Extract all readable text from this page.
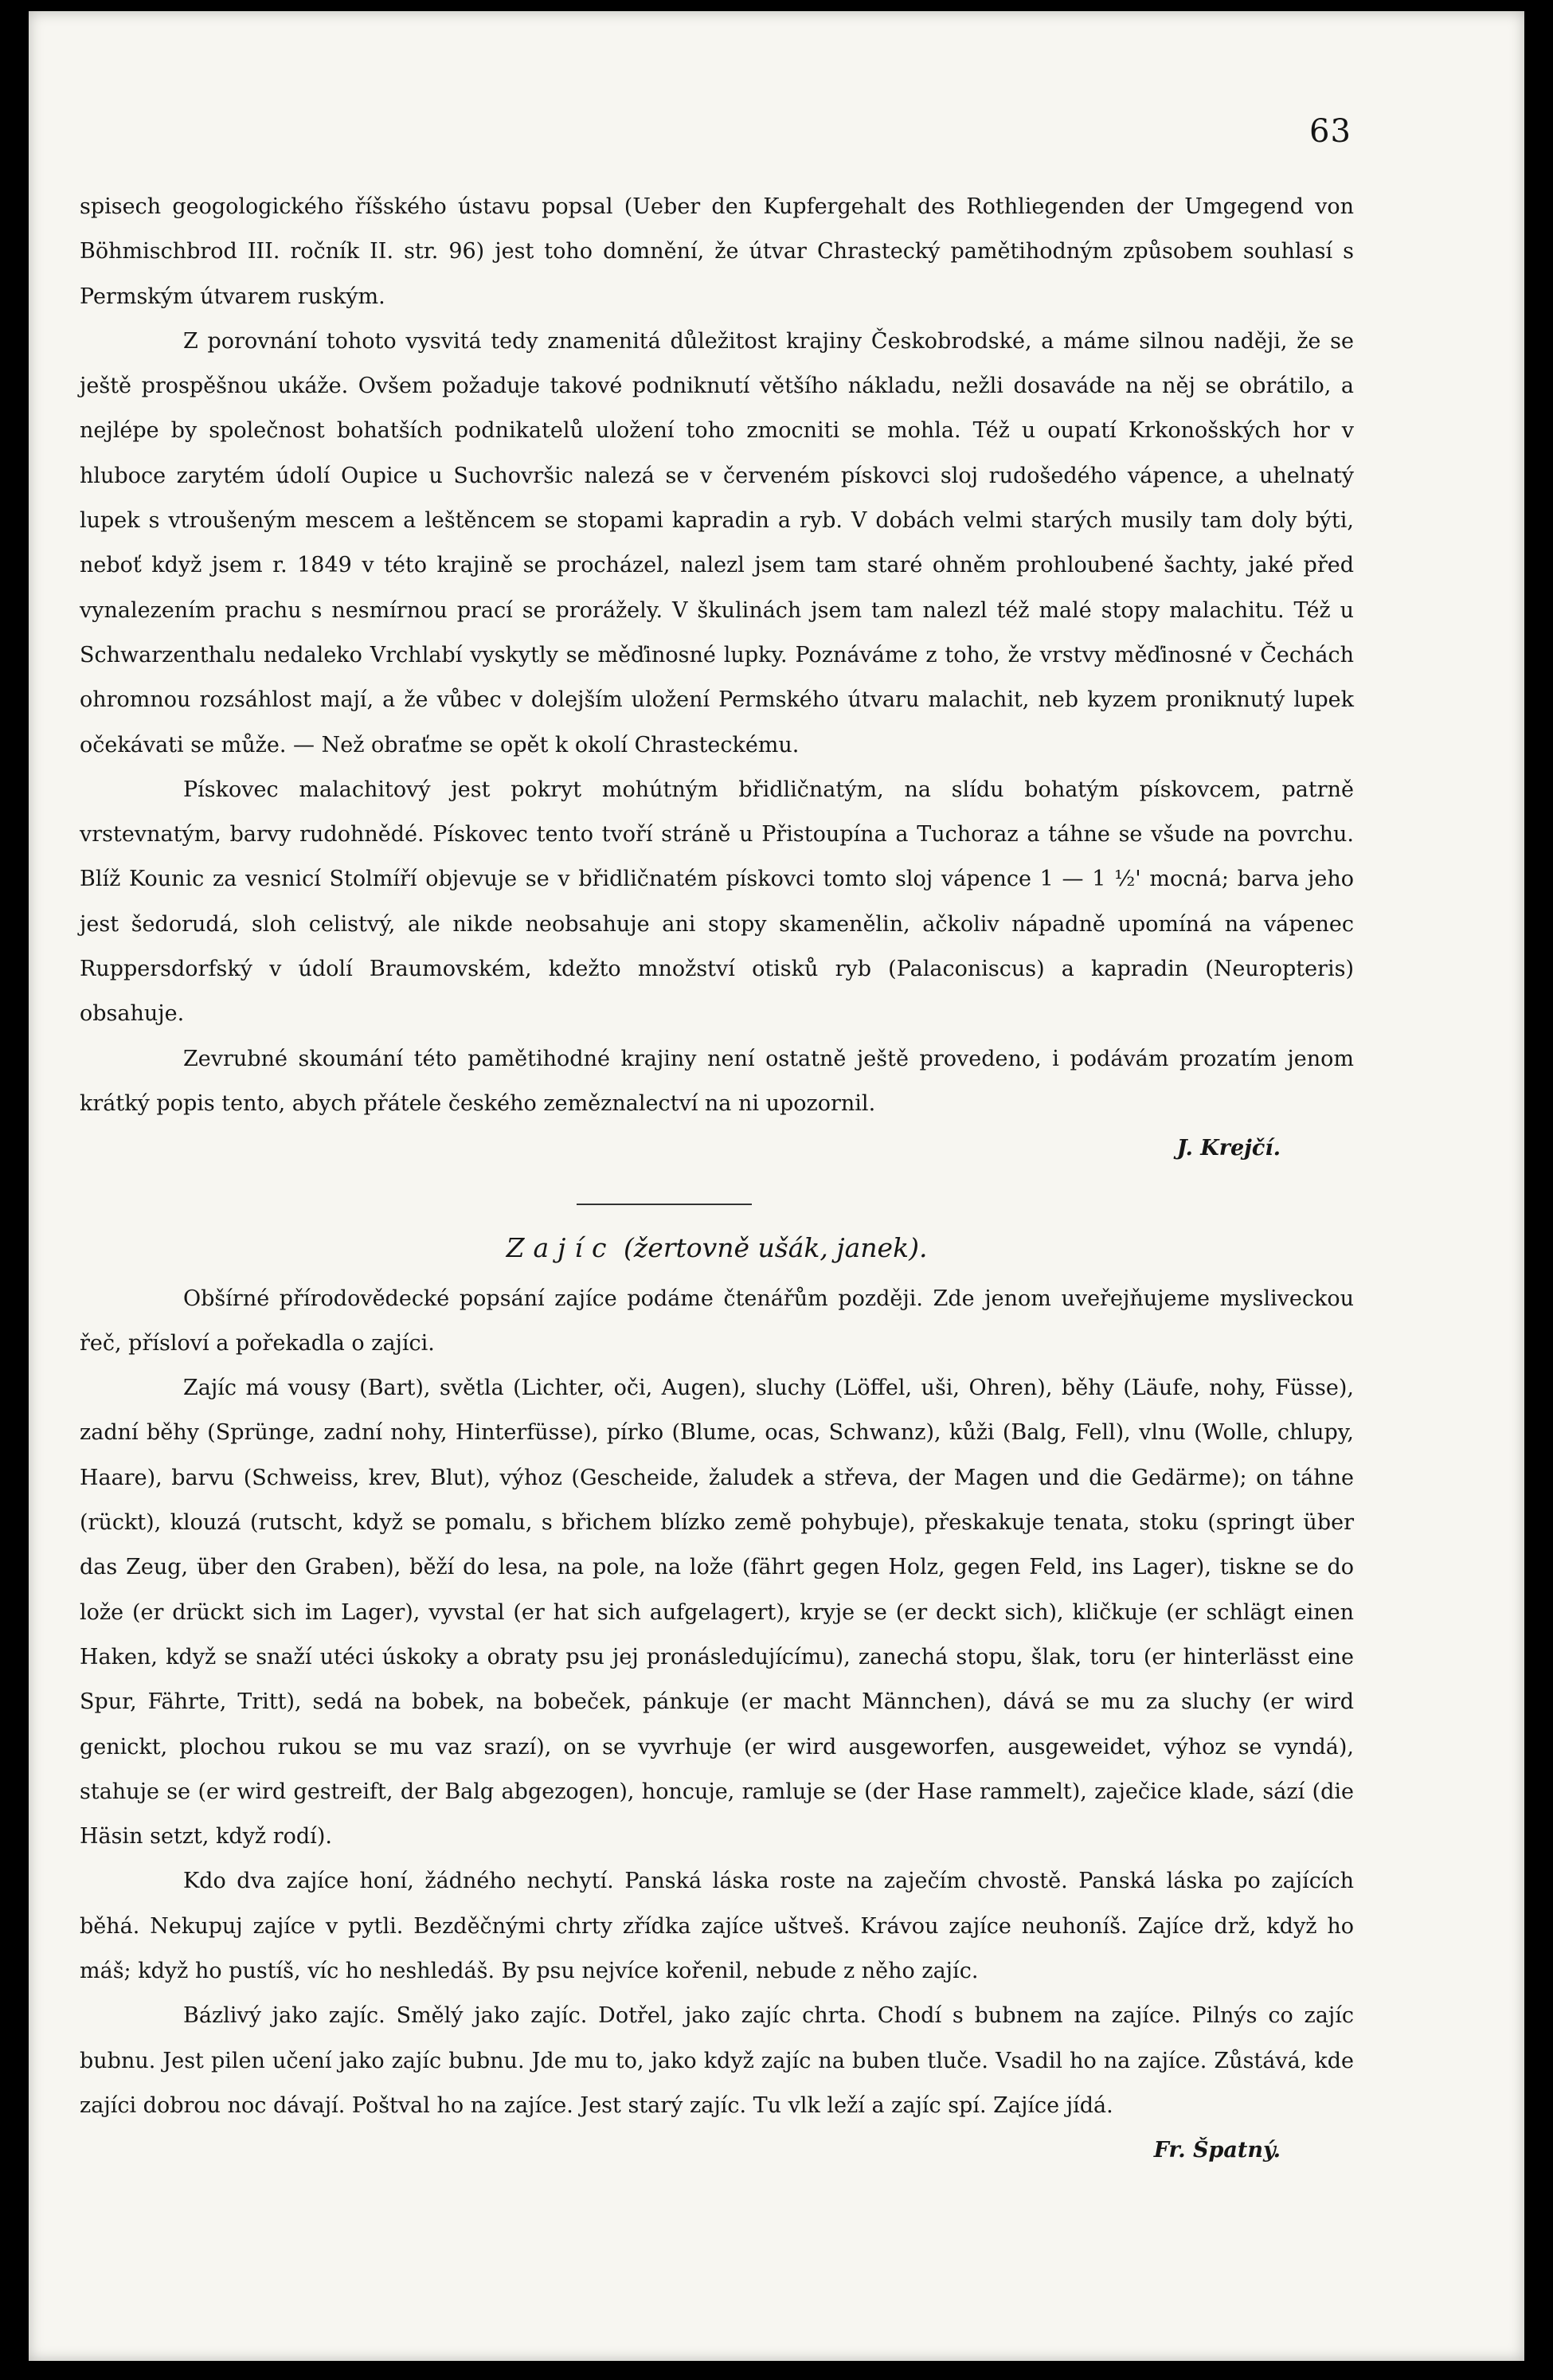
63

spisech geogologického říšského ústavu popsal (Ueber den Kupfergehalt des Rothliegenden der Umgegend von Böhmischbrod III. ročník II. str. 96) jest toho domnění, že útvar Chrastecký pamětihodným způsobem souhlasí s Permským útvarem ruským.

Z porovnání tohoto vysvitá tedy znamenitá důležitost krajiny Českobrodské, a máme silnou naději, že se ještě prospěšnou ukáže. Ovšem požaduje takové podniknutí většího nákladu, nežli dosaváde na něj se obrátilo, a nejlépe by společnost bohatších podnikatelů uložení toho zmocniti se mohla. Též u oupatí Krkonošských hor v hluboce zarytém údolí Oupice u Suchovršic nalezá se v červeném pískovci sloj rudošedého vápence, a uhelnatý lupek s vtroušeným mescem a leštěncem se stopami kapradin a ryb. V dobách velmi starých musily tam doly býti, neboť když jsem r. 1849 v této krajině se procházel, nalezl jsem tam staré ohněm prohloubené šachty, jaké před vynalezením prachu s nesmírnou prací se prorážely. V škulinách jsem tam nalezl též malé stopy malachitu. Též u Schwarzenthalu nedaleko Vrchlabí vyskytly se měďinosné lupky. Poznáváme z toho, že vrstvy měďinosné v Čechách ohromnou rozsáhlost mají, a že vůbec v dolejším uložení Permského útvaru malachit, neb kyzem proniknutý lupek očekávati se může. — Než obraťme se opět k okolí Chrasteckému.

Pískovec malachitový jest pokryt mohútným břidličnatým, na slídu bohatým pískovcem, patrně vrstevnatým, barvy rudohnědé. Pískovec tento tvoří stráně u Přistoupína a Tuchoraz a táhne se všude na povrchu. Blíž Kounic za vesnicí Stolmíří objevuje se v břidličnatém pískovci tomto sloj vápence 1 — 1 ½' mocná; barva jeho jest šedorudá, sloh celistvý, ale nikde neobsahuje ani stopy skamenělin, ačkoliv nápadně upomíná na vápenec Ruppersdorfský v údolí Braumovském, kdežto množství otisků ryb (Palaconiscus) a kapradin (Neuropteris) obsahuje.

Zevrubné skoumání této pamětihodné krajiny není ostatně ještě provedeno, i podávám prozatím jenom krátký popis tento, abych přátele českého zeměznalectví na ni upozornil.

J. Krejčí.

Zajíc (žertovně ušák, janek).

Obšírné přírodovědecké popsání zajíce podáme čtenářům později. Zde jenom uveřejňujeme mysliveckou řeč, přísloví a pořekadla o zajíci.

Zajíc má vousy (Bart), světla (Lichter, oči, Augen), sluchy (Löffel, uši, Ohren), běhy (Läufe, nohy, Füsse), zadní běhy (Sprünge, zadní nohy, Hinterfüsse), pírko (Blume, ocas, Schwanz), kůži (Balg, Fell), vlnu (Wolle, chlupy, Haare), barvu (Schweiss, krev, Blut), výhoz (Gescheide, žaludek a střeva, der Magen und die Gedärme); on táhne (rückt), klouzá (rutscht, když se pomalu, s břichem blízko země pohybuje), přeskakuje tenata, stoku (springt über das Zeug, über den Graben), běží do lesa, na pole, na lože (fährt gegen Holz, gegen Feld, ins Lager), tiskne se do lože (er drückt sich im Lager), vyvstal (er hat sich aufgelagert), kryje se (er deckt sich), kličkuje (er schlägt einen Haken, když se snaží utéci úskoky a obraty psu jej pronásledujícímu), zanechá stopu, šlak, toru (er hinterlässt eine Spur, Fährte, Tritt), sedá na bobek, na bobeček, pánkuje (er macht Männchen), dává se mu za sluchy (er wird genickt, plochou rukou se mu vaz srazí), on se vyvrhuje (er wird ausgeworfen, ausgeweidet, výhoz se vyndá), stahuje se (er wird gestreift, der Balg abgezogen), honcuje, ramluje se (der Hase rammelt), zaječice klade, sází (die Häsin setzt, když rodí).

Kdo dva zajíce honí, žádného nechytí. Panská láska roste na zaječím chvostě. Panská láska po zajících běhá. Nekupuj zajíce v pytli. Bezděčnými chrty zřídka zajíce uštveš. Krávou zajíce neuhoníš. Zajíce drž, když ho máš; když ho pustíš, víc ho neshledáš. By psu nejvíce kořenil, nebude z něho zajíc.

Bázlivý jako zajíc. Smělý jako zajíc. Dotřel, jako zajíc chrta. Chodí s bubnem na zajíce. Pilnýs co zajíc bubnu. Jest pilen učení jako zajíc bubnu. Jde mu to, jako když zajíc na buben tluče. Vsadil ho na zajíce. Zůstává, kde zajíci dobrou noc dávají. Poštval ho na zajíce. Jest starý zajíc. Tu vlk leží a zajíc spí. Zajíce jídá.

Fr. Špatný.
